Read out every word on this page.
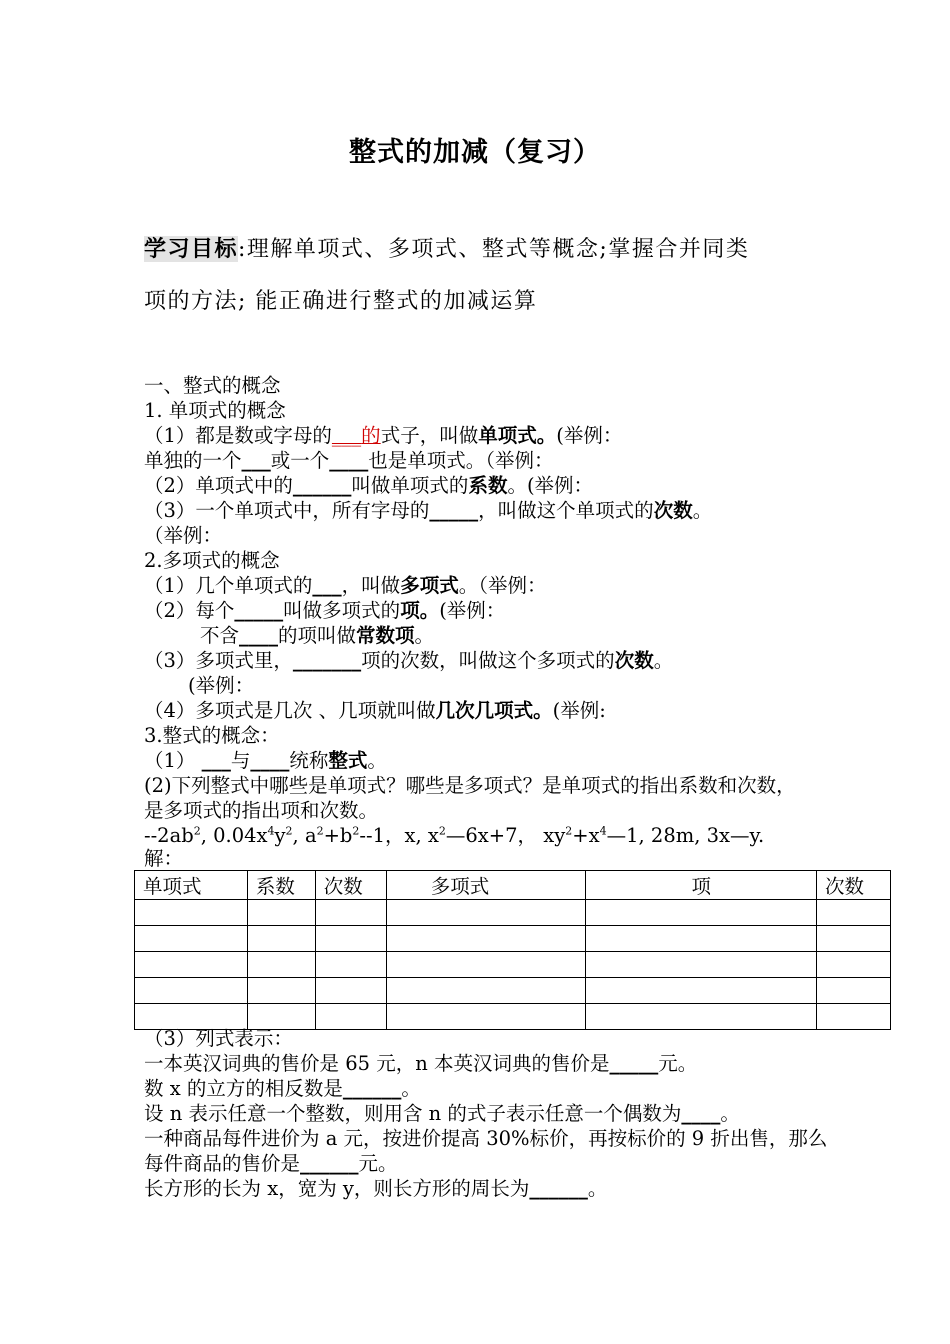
整式的加减（复习）
学习目标:理解单项式、多项式、整式等概念;掌握合并同类
项的方法; 能正确进行整式的加减运算
一、整式的概念
1. 单项式的概念
（1）都是数或字母的___的式子，叫做单项式。(举例：
单独的一个___或一个____也是单项式。（举例：
（2）单项式中的______叫做单项式的系数。(举例：
（3）一个单项式中，所有字母的_____，叫做这个单项式的次数。
（举例：
2.多项式的概念
（1）几个单项式的___，叫做多项式。（举例：
（2）每个_____叫做多项式的项。(举例：
不含____的项叫做常数项。
（3）多项式里，_______项的次数，叫做这个多项式的次数。
(举例：
（4）多项式是几次 、几项就叫做几次几项式。(举例:
3.整式的概念：
（1） ___与____统称整式。
(2)下列整式中哪些是单项式？哪些是多项式？是单项式的指出系数和次数，
是多项式的指出项和次数。
$--2ab^2$, $0.04x^4y^2$, $a^2+b^2--1$，x, $x^2—6x+7$， $xy^2+x^4—1$, 28m, 3x—y.
解：
单项式	系数	次数	多项式	项	次数

（3）列式表示：
一本英汉词典的售价是 65 元，n 本英汉词典的售价是_____元。
数 x 的立方的相反数是______。
设 n 表示任意一个整数，则用含 n 的式子表示任意一个偶数为____。
一种商品每件进价为 a 元，按进价提高 30%标价，再按标价的 9 折出售，那么
每件商品的售价是______元。
长方形的长为 x，宽为 y，则长方形的周长为______。
